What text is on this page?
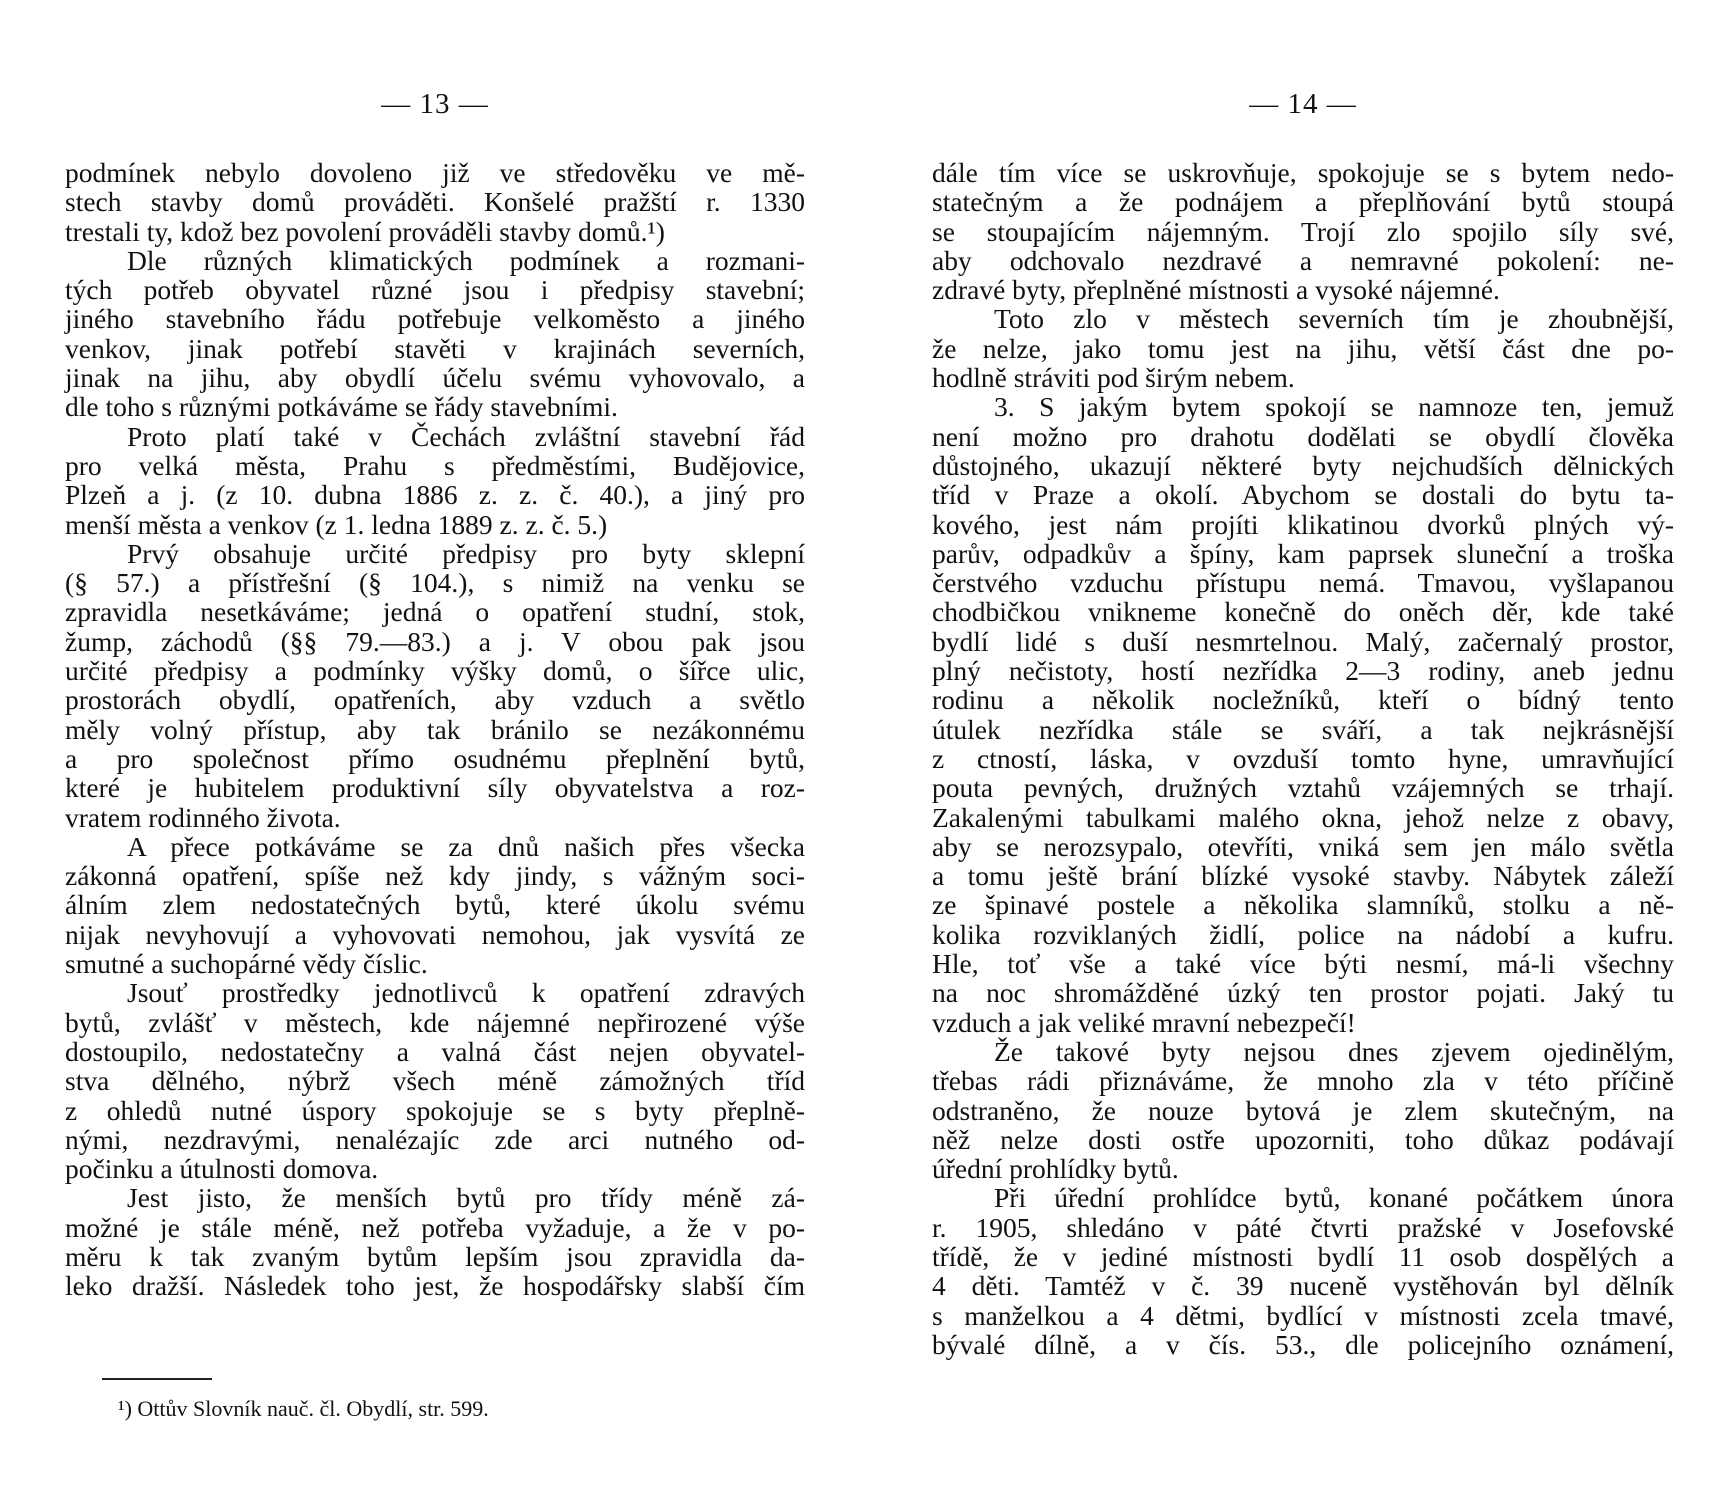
— 13 —
podmínek nebylo dovoleno již ve středověku ve mě-
stech stavby domů prováděti. Konšelé pražští r. 1330
trestali ty, kdož bez povolení prováděli stavby domů.¹)
Dle různých klimatických podmínek a rozmani-
tých potřeb obyvatel různé jsou i předpisy stavební;
jiného stavebního řádu potřebuje velkoměsto a jiného
venkov, jinak potřebí stavěti v krajinách severních,
jinak na jihu, aby obydlí účelu svému vyhovovalo, a
dle toho s různými potkáváme se řády stavebními.
Proto platí také v Čechách zvláštní stavební řád
pro velká města, Prahu s předměstími, Budějovice,
Plzeň a j. (z 10. dubna 1886 z. z. č. 40.), a jiný pro
menší města a venkov (z 1. ledna 1889 z. z. č. 5.)
Prvý obsahuje určité předpisy pro byty sklepní
(§ 57.) a přístřešní (§ 104.), s nimiž na venku se
zpravidla nesetkáváme; jedná o opatření studní, stok,
žump, záchodů (§§ 79.—83.) a j. V obou pak jsou
určité předpisy a podmínky výšky domů, o šířce ulic,
prostorách obydlí, opatřeních, aby vzduch a světlo
měly volný přístup, aby tak bránilo se nezákonnému
a pro společnost přímo osudnému přeplnění bytů,
které je hubitelem produktivní síly obyvatelstva a roz-
vratem rodinného života.
A přece potkáváme se za dnů našich přes všecka
zákonná opatření, spíše než kdy jindy, s vážným soci-
álním zlem nedostatečných bytů, které úkolu svému
nijak nevyhovují a vyhovovati nemohou, jak vysvítá ze
smutné a suchopárné vědy číslic.
Jsouť prostředky jednotlivců k opatření zdravých
bytů, zvlášť v městech, kde nájemné nepřirozené výše
dostoupilo, nedostatečny a valná část nejen obyvatel-
stva dělného, nýbrž všech méně zámožných tříd
z ohledů nutné úspory spokojuje se s byty přeplně-
nými, nezdravými, nenalézajíc zde arci nutného od-
počinku a útulnosti domova.
Jest jisto, že menších bytů pro třídy méně zá-
možné je stále méně, než potřeba vyžaduje, a že v po-
měru k tak zvaným bytům lepším jsou zpravidla da-
leko dražší. Následek toho jest, že hospodářsky slabší čím
¹) Ottův Slovník nauč. čl. Obydlí, str. 599.
— 14 —
dále tím více se uskrovňuje, spokojuje se s bytem nedo-
statečným a že podnájem a přeplňování bytů stoupá
se stoupajícím nájemným. Trojí zlo spojilo síly své,
aby odchovalo nezdravé a nemravné pokolení: ne-
zdravé byty, přeplněné místnosti a vysoké nájemné.
Toto zlo v městech severních tím je zhoubnější,
že nelze, jako tomu jest na jihu, větší část dne po-
hodlně stráviti pod širým nebem.
3. S jakým bytem spokojí se namnoze ten, jemuž
není možno pro drahotu dodělati se obydlí člověka
důstojného, ukazují některé byty nejchudších dělnických
tříd v Praze a okolí. Abychom se dostali do bytu ta-
kového, jest nám projíti klikatinou dvorků plných vý-
parův, odpadkův a špíny, kam paprsek sluneční a troška
čerstvého vzduchu přístupu nemá. Tmavou, vyšlapanou
chodbičkou vnikneme konečně do oněch děr, kde také
bydlí lidé s duší nesmrtelnou. Malý, začernalý prostor,
plný nečistoty, hostí nezřídka 2—3 rodiny, aneb jednu
rodinu a několik nocležníků, kteří o bídný tento
útulek nezřídka stále se sváří, a tak nejkrásnější
z ctností, láska, v ovzduší tomto hyne, umravňující
pouta pevných, družných vztahů vzájemných se trhají.
Zakalenými tabulkami malého okna, jehož nelze z obavy,
aby se nerozsypalo, otevříti, vniká sem jen málo světla
a tomu ještě brání blízké vysoké stavby. Nábytek záleží
ze špinavé postele a několika slamníků, stolku a ně-
kolika rozviklaných židlí, police na nádobí a kufru.
Hle, toť vše a také více býti nesmí, má-li všechny
na noc shromážděné úzký ten prostor pojati. Jaký tu
vzduch a jak veliké mravní nebezpečí!
Že takové byty nejsou dnes zjevem ojedinělým,
třebas rádi přiznáváme, že mnoho zla v této příčině
odstraněno, že nouze bytová je zlem skutečným, na
něž nelze dosti ostře upozorniti, toho důkaz podávají
úřední prohlídky bytů.
Při úřední prohlídce bytů, konané počátkem února
r. 1905, shledáno v páté čtvrti pražské v Josefovské
třídě, že v jediné místnosti bydlí 11 osob dospělých a
4 děti. Tamtéž v č. 39 nuceně vystěhován byl dělník
s manželkou a 4 dětmi, bydlící v místnosti zcela tmavé,
bývalé dílně, a v čís. 53., dle policejního oznámení,
